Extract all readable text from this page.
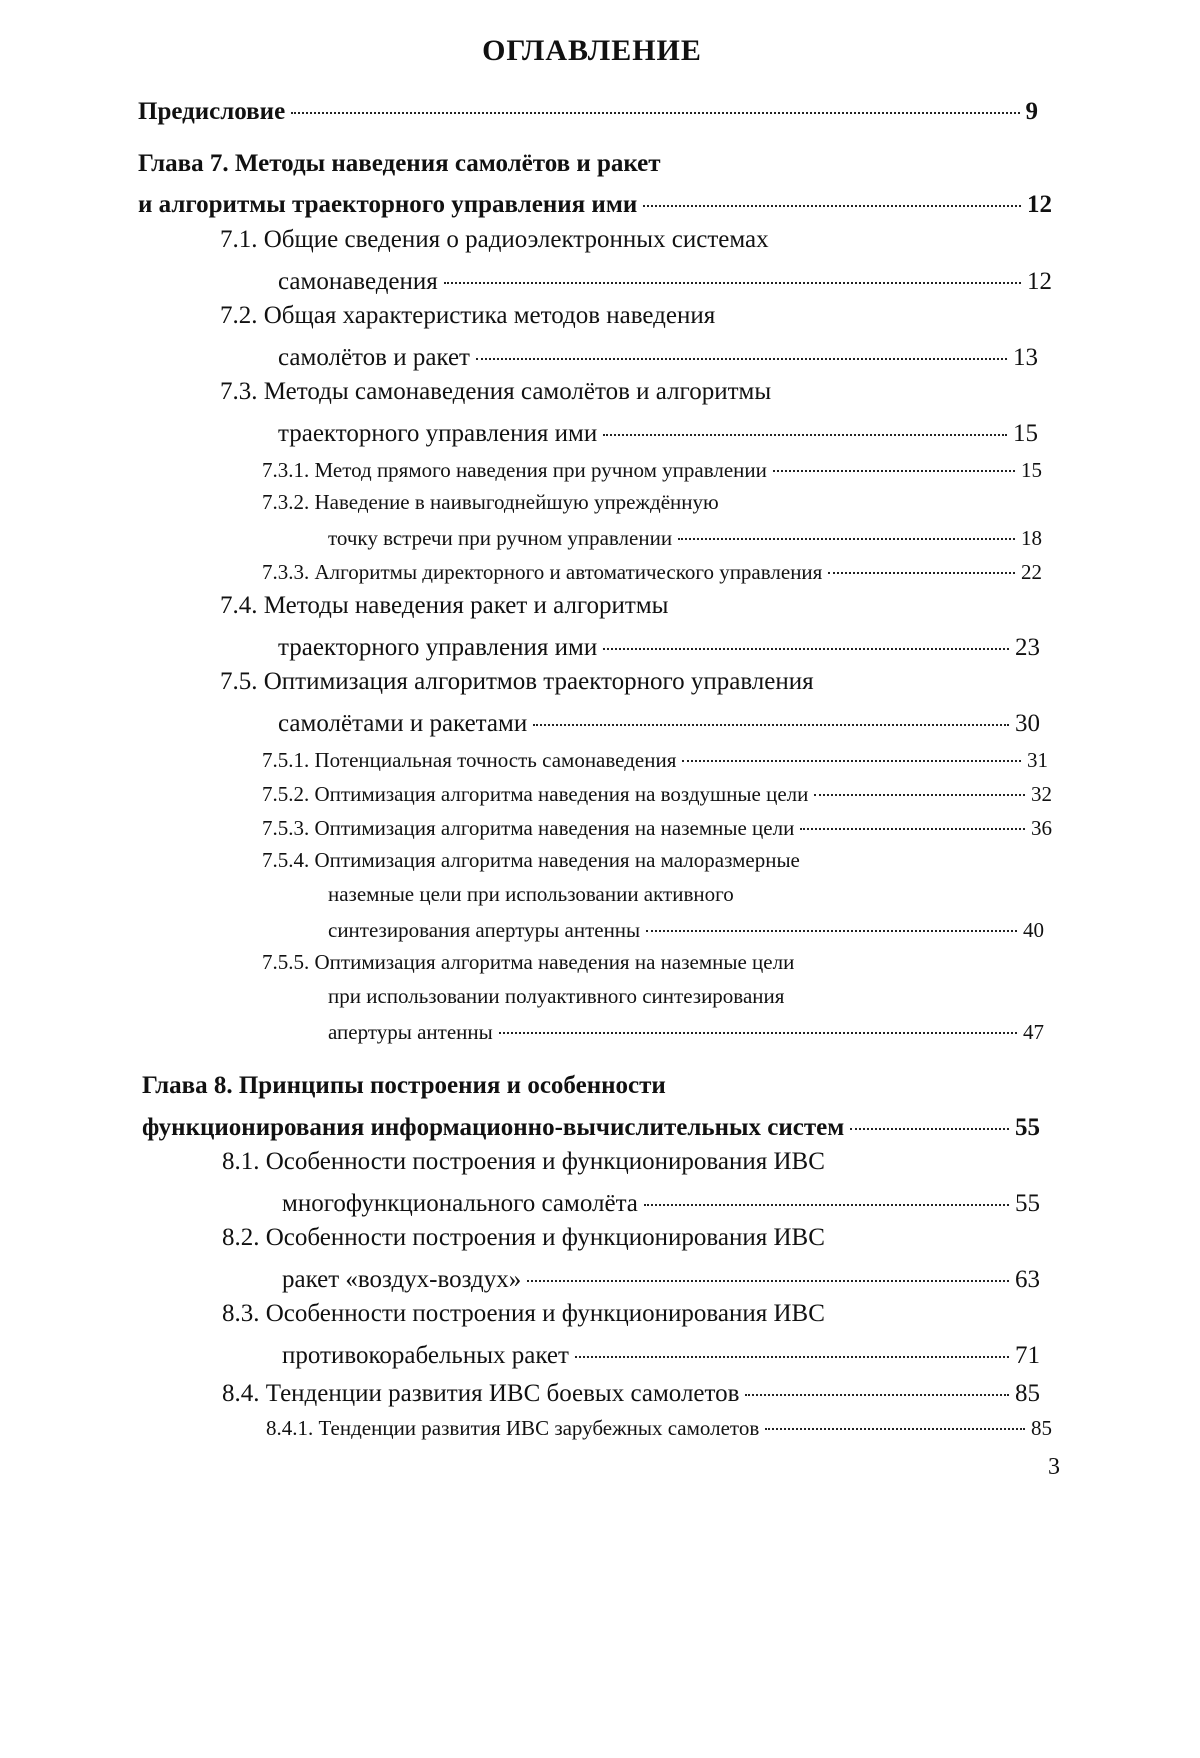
ОГЛАВЛЕНИЕ
Предисловие	9
Глава 7. Методы наведения самолётов и ракет
и алгоритмы траекторного управления ими	12
7.1. Общие сведения о радиоэлектронных системах
самонаведения	12
7.2. Общая характеристика методов наведения
самолётов и ракет	13
7.3. Методы самонаведения самолётов и алгоритмы
траекторного управления ими	15
7.3.1. Метод прямого наведения при ручном управлении	15
7.3.2. Наведение в наивыгоднейшую упреждённую
точку встречи при ручном управлении	18
7.3.3. Алгоритмы директорного и автоматического управления	22
7.4. Методы наведения ракет и алгоритмы
траекторного управления ими	23
7.5. Оптимизация алгоритмов траекторного управления
самолётами и ракетами	30
7.5.1. Потенциальная точность самонаведения	31
7.5.2. Оптимизация алгоритма наведения на воздушные цели	32
7.5.3. Оптимизация алгоритма наведения на наземные цели	36
7.5.4. Оптимизация алгоритма наведения на малоразмерные
наземные цели при использовании активного
синтезирования апертуры антенны	40
7.5.5. Оптимизация алгоритма наведения на наземные цели
при использовании полуактивного синтезирования
апертуры антенны	47
Глава 8. Принципы построения и особенности
функционирования информационно-вычислительных систем	55
8.1. Особенности построения и функционирования ИВС
многофункционального самолёта	55
8.2. Особенности построения и функционирования ИВС
ракет «воздух-воздух»	63
8.3. Особенности построения и функционирования ИВС
противокорабельных ракет	71
8.4. Тенденции развития ИВС боевых самолетов	85
8.4.1. Тенденции развития ИВС зарубежных самолетов	85
3
